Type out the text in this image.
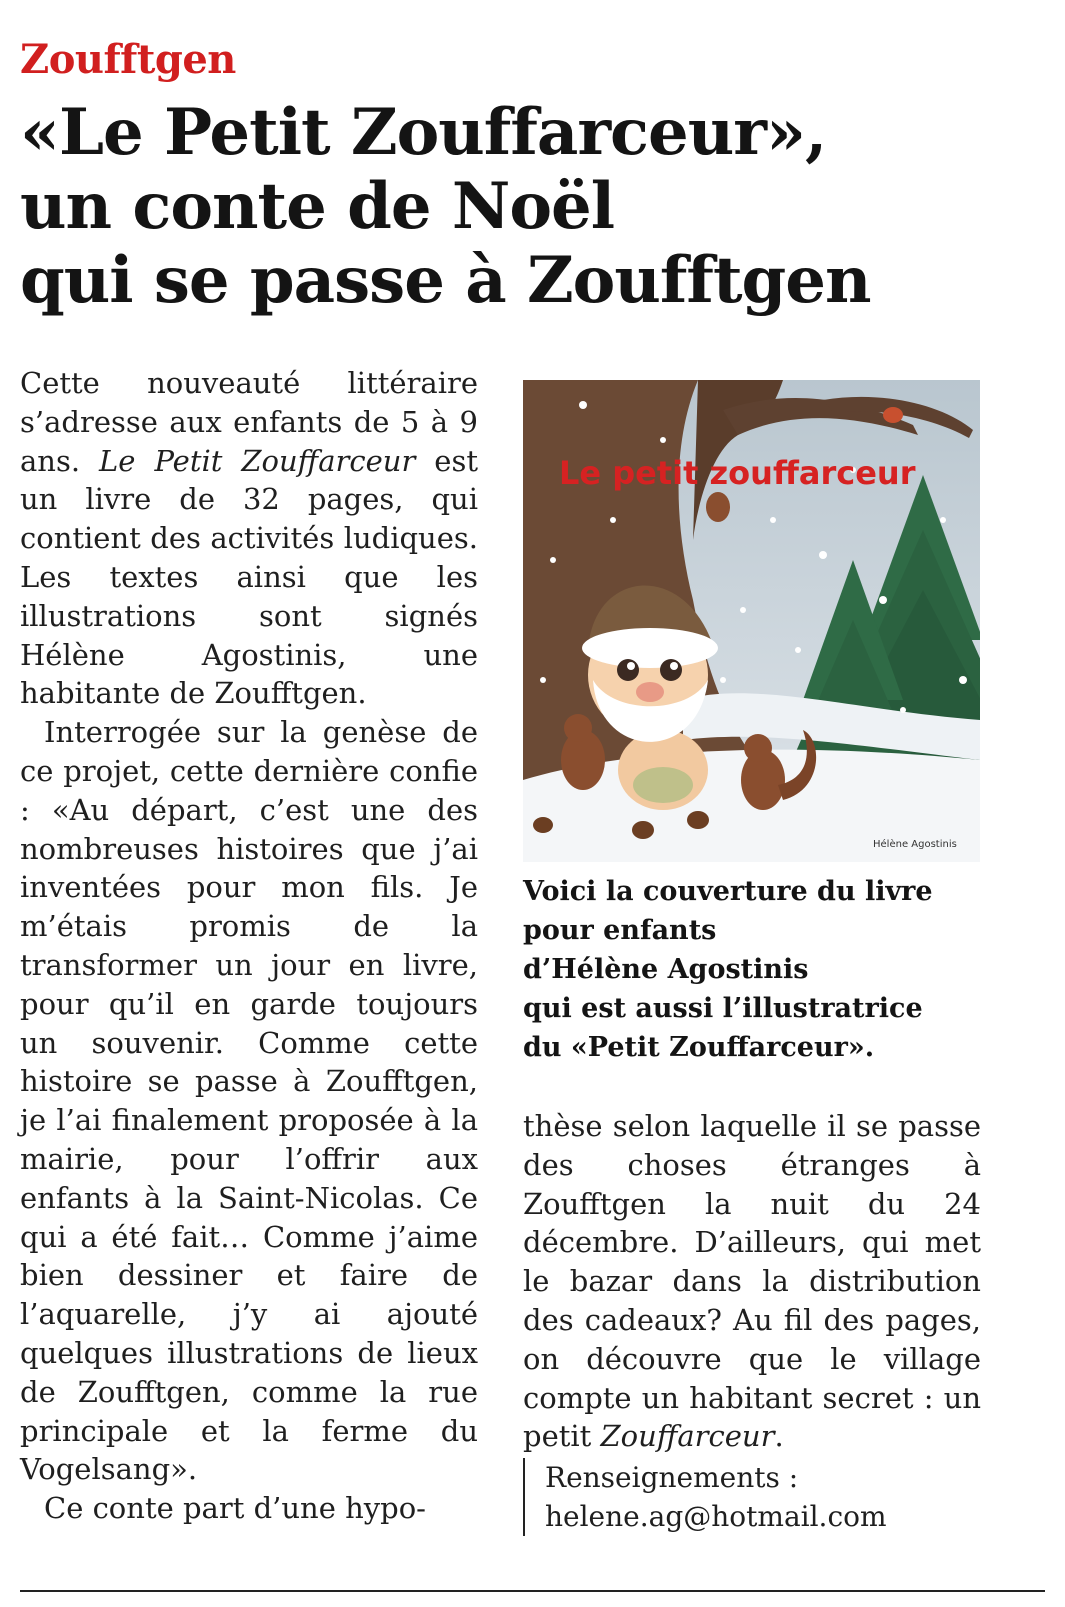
Zoufftgen
«Le Petit Zouffarceur»,
un conte de Noël
qui se passe à Zoufftgen

Cette nouveauté littéraire s’adresse aux enfants de 5 à 9 ans. Le Petit Zouffarceur est un livre de 32 pages, qui contient des activités ludiques. Les textes ainsi que les illustrations sont signés Hélène Agostinis, une habitante de Zoufftgen.

Interrogée sur la genèse de ce projet, cette dernière confie : «Au départ, c’est une des nombreuses histoires que j’ai inventées pour mon fils. Je m’étais promis de la transformer un jour en livre, pour qu’il en garde toujours un souvenir. Comme cette histoire se passe à Zoufftgen, je l’ai finalement proposée à la mairie, pour l’offrir aux enfants à la Saint-Nicolas. Ce qui a été fait… Comme j’aime bien dessiner et faire de l’aquarelle, j’y ai ajouté quelques illustrations de lieux de Zoufftgen, comme la rue principale et la ferme du Vogelsang».

Ce conte part d’une hypo-

Le petit zouffarceur
Hélène Agostinis
Voici la couverture du livre
pour enfants
d’Hélène Agostinis
qui est aussi l’illustratrice
du «Petit Zouffarceur».

thèse selon laquelle il se passe des choses étranges à Zoufftgen la nuit du 24 décembre. D’ailleurs, qui met le bazar dans la distribution des cadeaux? Au fil des pages, on découvre que le village compte un habitant secret : un petit Zouffarceur.

Renseignements :
helene.ag@hotmail.com
